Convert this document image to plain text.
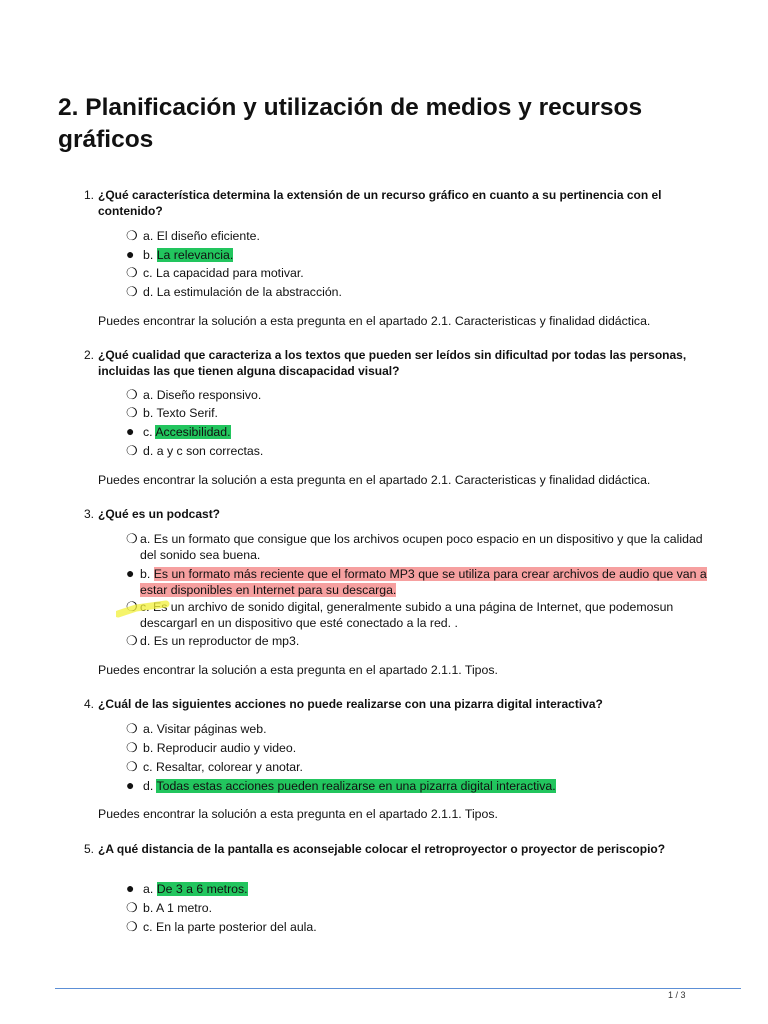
2. Planificación y utilización de medios y recursos gráficos
1. ¿Qué característica determina la extensión de un recurso gráfico en cuanto a su pertinencia con el contenido?
❍ a. El diseño eficiente.
● b. La relevancia.
❍ c. La capacidad para motivar.
❍ d. La estimulación de la abstracción.
Puedes encontrar la solución a esta pregunta en el apartado 2.1. Caracteristicas y finalidad didáctica.
2. ¿Qué cualidad que caracteriza a los textos que pueden ser leídos sin dificultad por todas las personas, incluidas las que tienen alguna discapacidad visual?
❍ a. Diseño responsivo.
❍ b. Texto Serif.
● c. Accesibilidad.
❍ d. a y c son correctas.
Puedes encontrar la solución a esta pregunta en el apartado 2.1. Caracteristicas y finalidad didáctica.
3. ¿Qué es un podcast?
❍ a. Es un formato que consigue que los archivos ocupen poco espacio en un dispositivo y que la calidad del sonido sea buena.
● b. Es un formato más reciente que el formato MP3 que se utiliza para crear archivos de audio que van a estar disponibles en Internet para su descarga.
❍ c. Es un archivo de sonido digital, generalmente subido a una página de Internet, que podemosun descargarl en un dispositivo que esté conectado a la red. .
❍ d. Es un reproductor de mp3.
Puedes encontrar la solución a esta pregunta en el apartado 2.1.1. Tipos.
4. ¿Cuál de las siguientes acciones no puede realizarse con una pizarra digital interactiva?
❍ a. Visitar páginas web.
❍ b. Reproducir audio y video.
❍ c. Resaltar, colorear y anotar.
● d. Todas estas acciones pueden realizarse en una pizarra digital interactiva.
Puedes encontrar la solución a esta pregunta en el apartado 2.1.1. Tipos.
5. ¿A qué distancia de la pantalla es aconsejable colocar el retroproyector o proyector de periscopio?
● a. De 3 a 6 metros.
❍ b. A 1 metro.
❍ c. En la parte posterior del aula.
1 / 3
